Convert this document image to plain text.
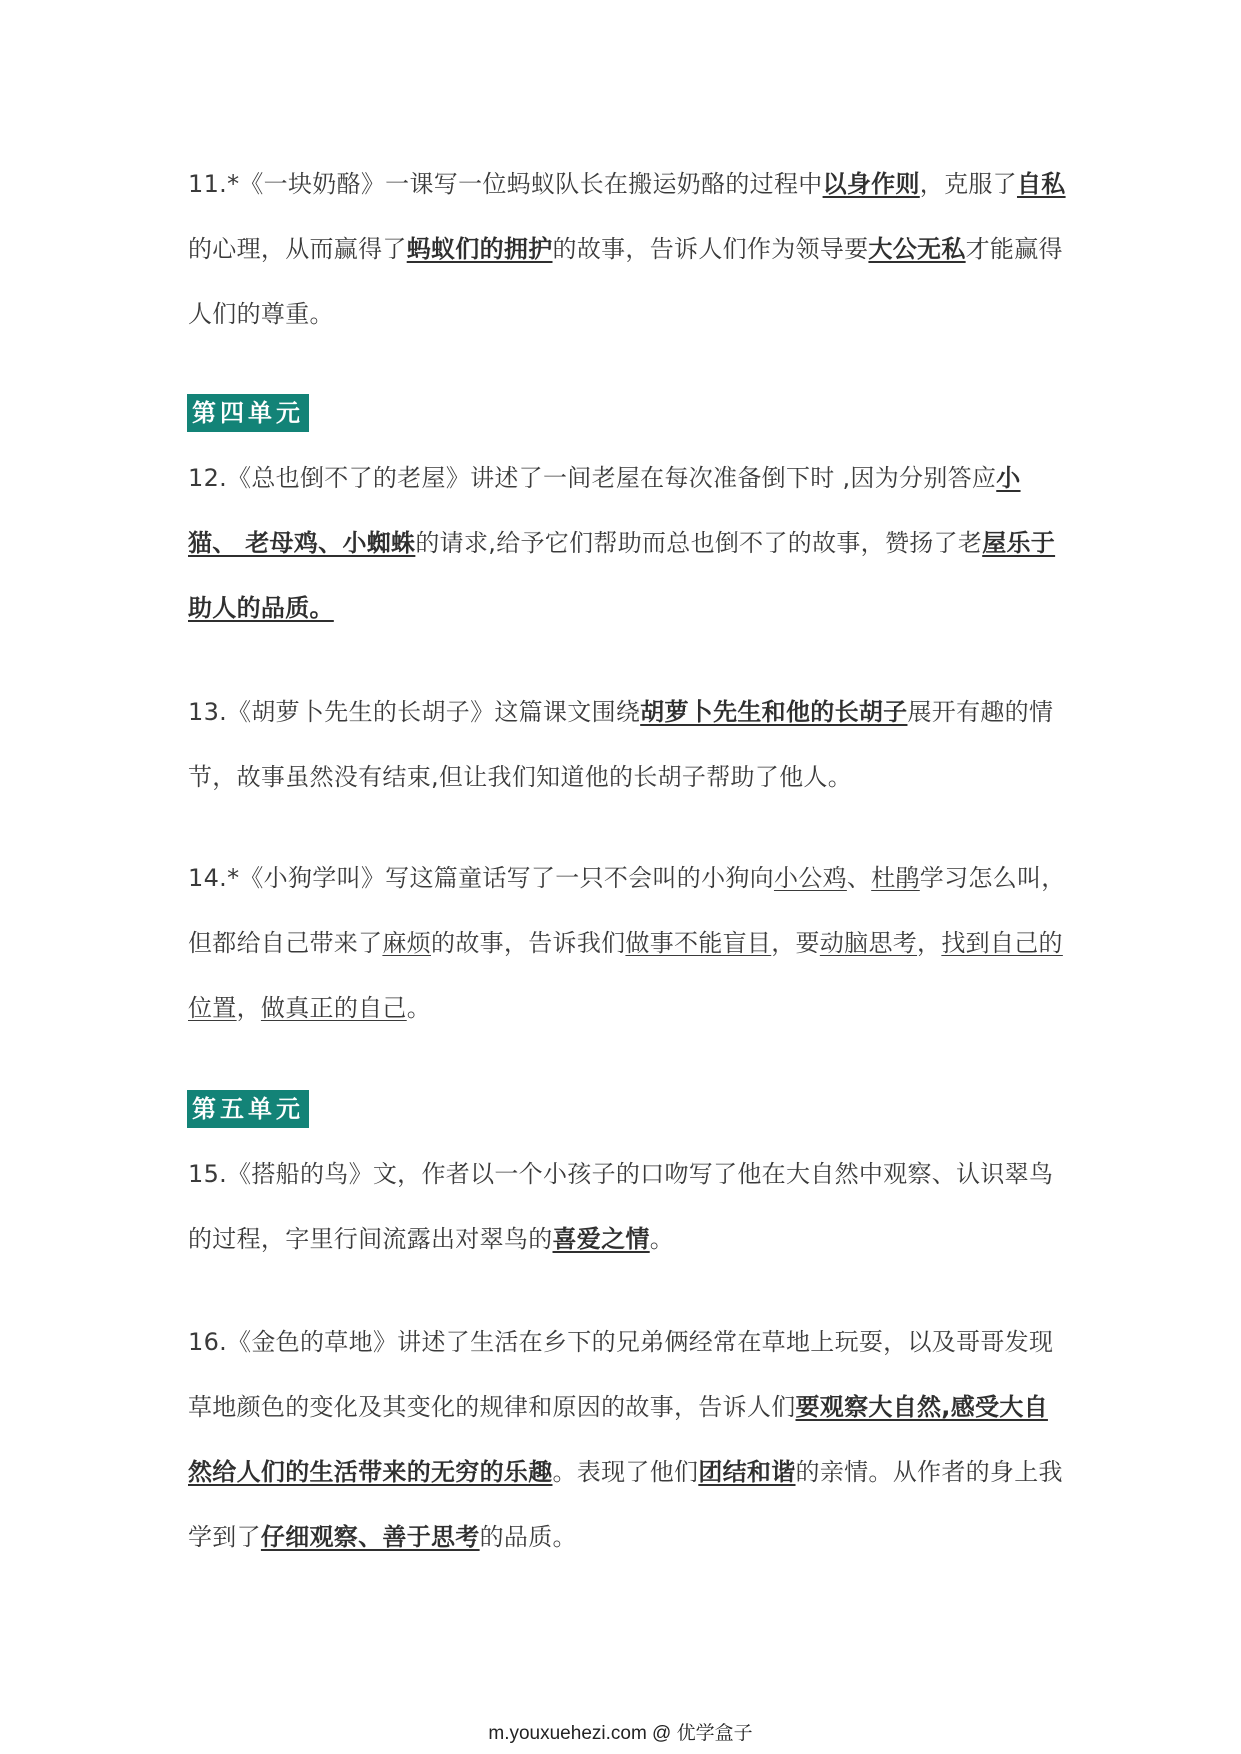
11.*《一块奶酪》一课写一位蚂蚁队长在搬运奶酪的过程中以身作则，克服了自私的心理，从而赢得了蚂蚁们的拥护的故事，告诉人们作为领导要大公无私才能赢得人们的尊重。

第四单元

12.《总也倒不了的老屋》讲述了一间老屋在每次准备倒下时 ,因为分别答应小猫、 老母鸡、小蜘蛛的请求,给予它们帮助而总也倒不了的故事，赞扬了老屋乐于助人的品质。

13.《胡萝卜先生的长胡子》这篇课文围绕胡萝卜先生和他的长胡子展开有趣的情节，故事虽然没有结束,但让我们知道他的长胡子帮助了他人。

14.*《小狗学叫》写这篇童话写了一只不会叫的小狗向小公鸡、杜鹃学习怎么叫，但都给自己带来了麻烦的故事，告诉我们做事不能盲目，要动脑思考，找到自己的位置，做真正的自己。

第五单元

15.《搭船的鸟》文，作者以一个小孩子的口吻写了他在大自然中观察、认识翠鸟的过程，字里行间流露出对翠鸟的喜爱之情。

16.《金色的草地》讲述了生活在乡下的兄弟俩经常在草地上玩耍，以及哥哥发现草地颜色的变化及其变化的规律和原因的故事，告诉人们要观察大自然,感受大自然给人们的生活带来的无穷的乐趣。表现了他们团结和谐的亲情。从作者的身上我学到了仔细观察、善于思考的品质。

m.youxuehezi.com @ 优学盒子
